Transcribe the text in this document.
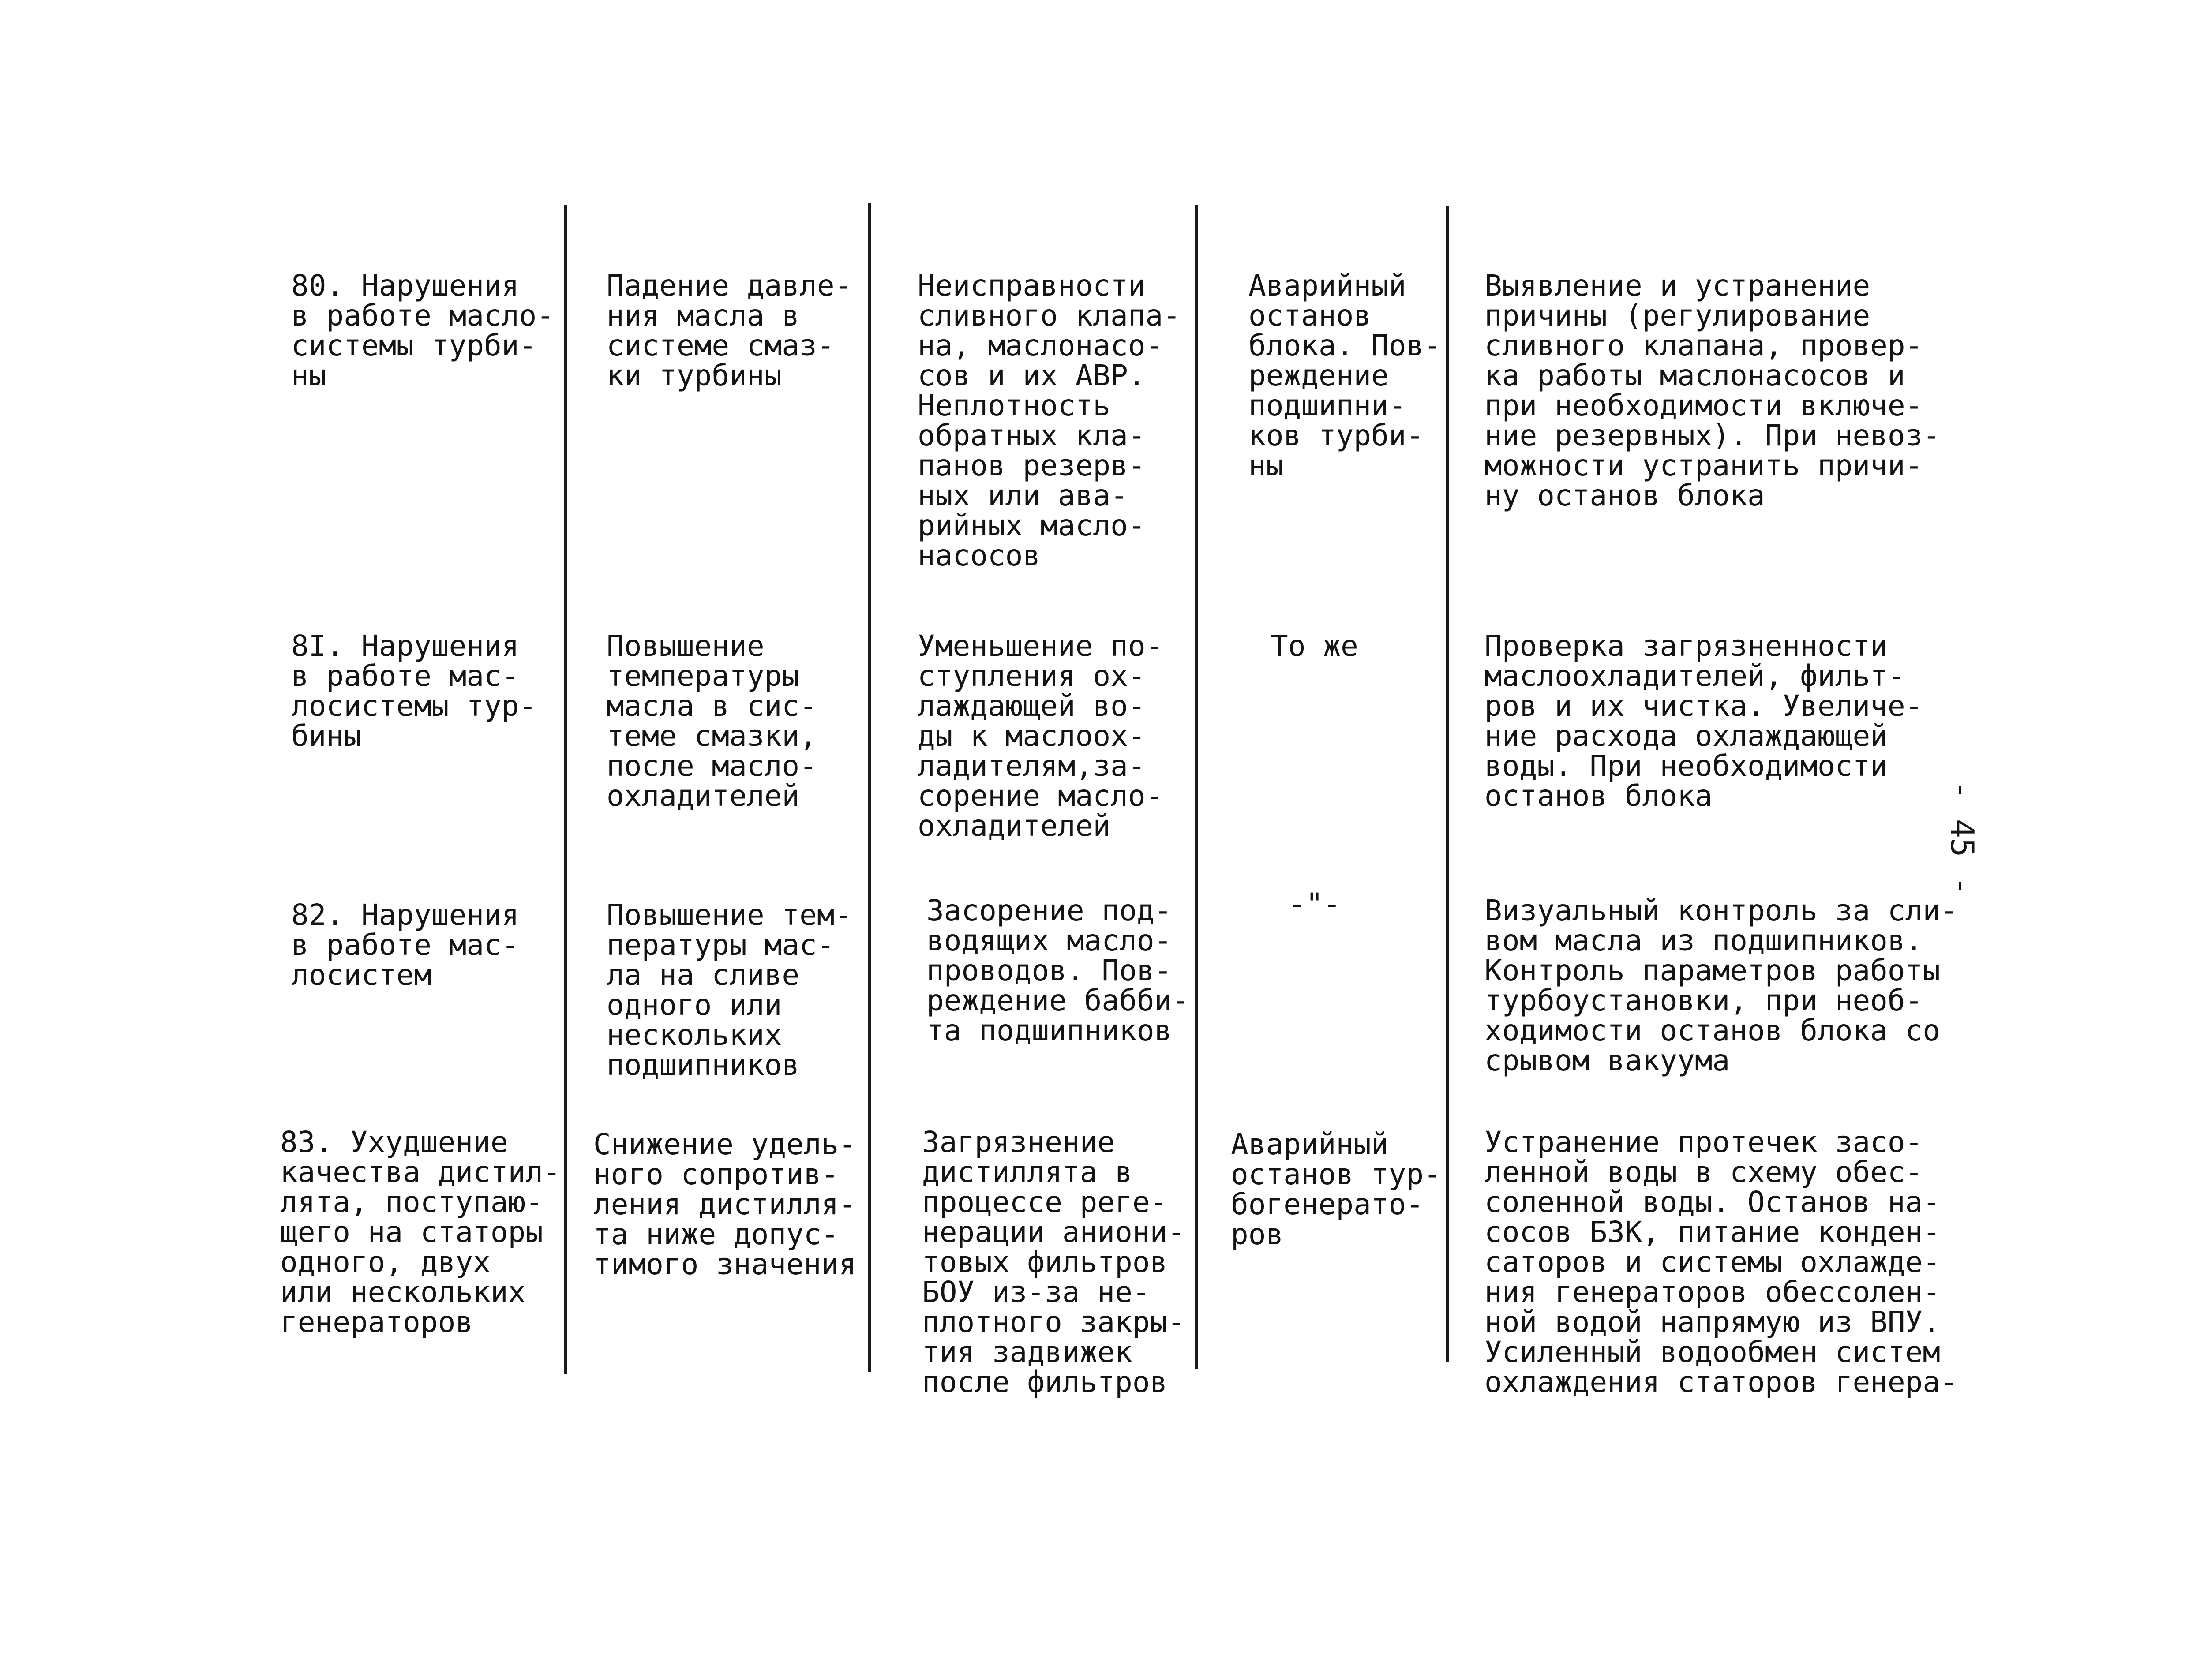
80. Нарушения
в работе масло-
системы турби-
ны

Падение давле-
ния масла в
системе смаз-
ки турбины

Неисправности
сливного клапа-
на, маслонасо-
сов и их АВР.
Неплотность
обратных кла-
панов резерв-
ных или ава-
рийных масло-
насосов

Аварийный
останов
блока. Пов-
реждение
подшипни-
ков турби-
ны

Выявление и устранение
причины (регулирование
сливного клапана, провер-
ка работы маслонасосов и
при необходимости включе-
ние резервных). При невоз-
можности устранить причи-
ну останов блока

8I. Нарушения
в работе мас-
лосистемы тур-
бины

Повышение
температуры
масла в сис-
теме смазки,
после масло-
охладителей

Уменьшение по-
ступления ох-
лаждающей во-
ды к маслоох-
ладителям,за-
сорение масло-
охладителей

То же

	Проверка загрязненности
маслоохладителей, фильт-
ров и их чистка. Увеличе-
ние расхода охлаждающей
воды. При необходимости
останов блока

82. Нарушения
в работе мас-
лосистем

Повышение тем-
пературы мас-
ла на сливе
одного или
нескольких
подшипников

Засорение под-
водящих масло-
проводов. Пов-
реждение бабби-
та подшипников

-"-

	Визуальный контроль за сли-
вом масла из подшипников.
Контроль параметров работы
турбоустановки, при необ-
ходимости останов блока со
срывом вакуума

83. Ухудшение
качества дистил-
лята, поступаю-
щего на статоры
одного, двух
или нескольких
генераторов

Снижение удель-
ного сопротив-
ления дистилля-
та ниже допус-
тимого значения

Загрязнение
дистиллята в
процессе реге-
нерации аниони-
товых фильтров
БОУ из-за не-
плотного закры-
тия задвижек
после фильтров

Аварийный
останов тур-
богенерато-
ров

Устранение протечек засо-
ленной воды в схему обес-
соленной воды. Останов на-
сосов БЗК, питание конден-
саторов и системы охлажде-
ния генераторов обессолен-
ной водой напрямую из ВПУ.
Усиленный водообмен систем
охлаждения статоров генера-

- 45 -
